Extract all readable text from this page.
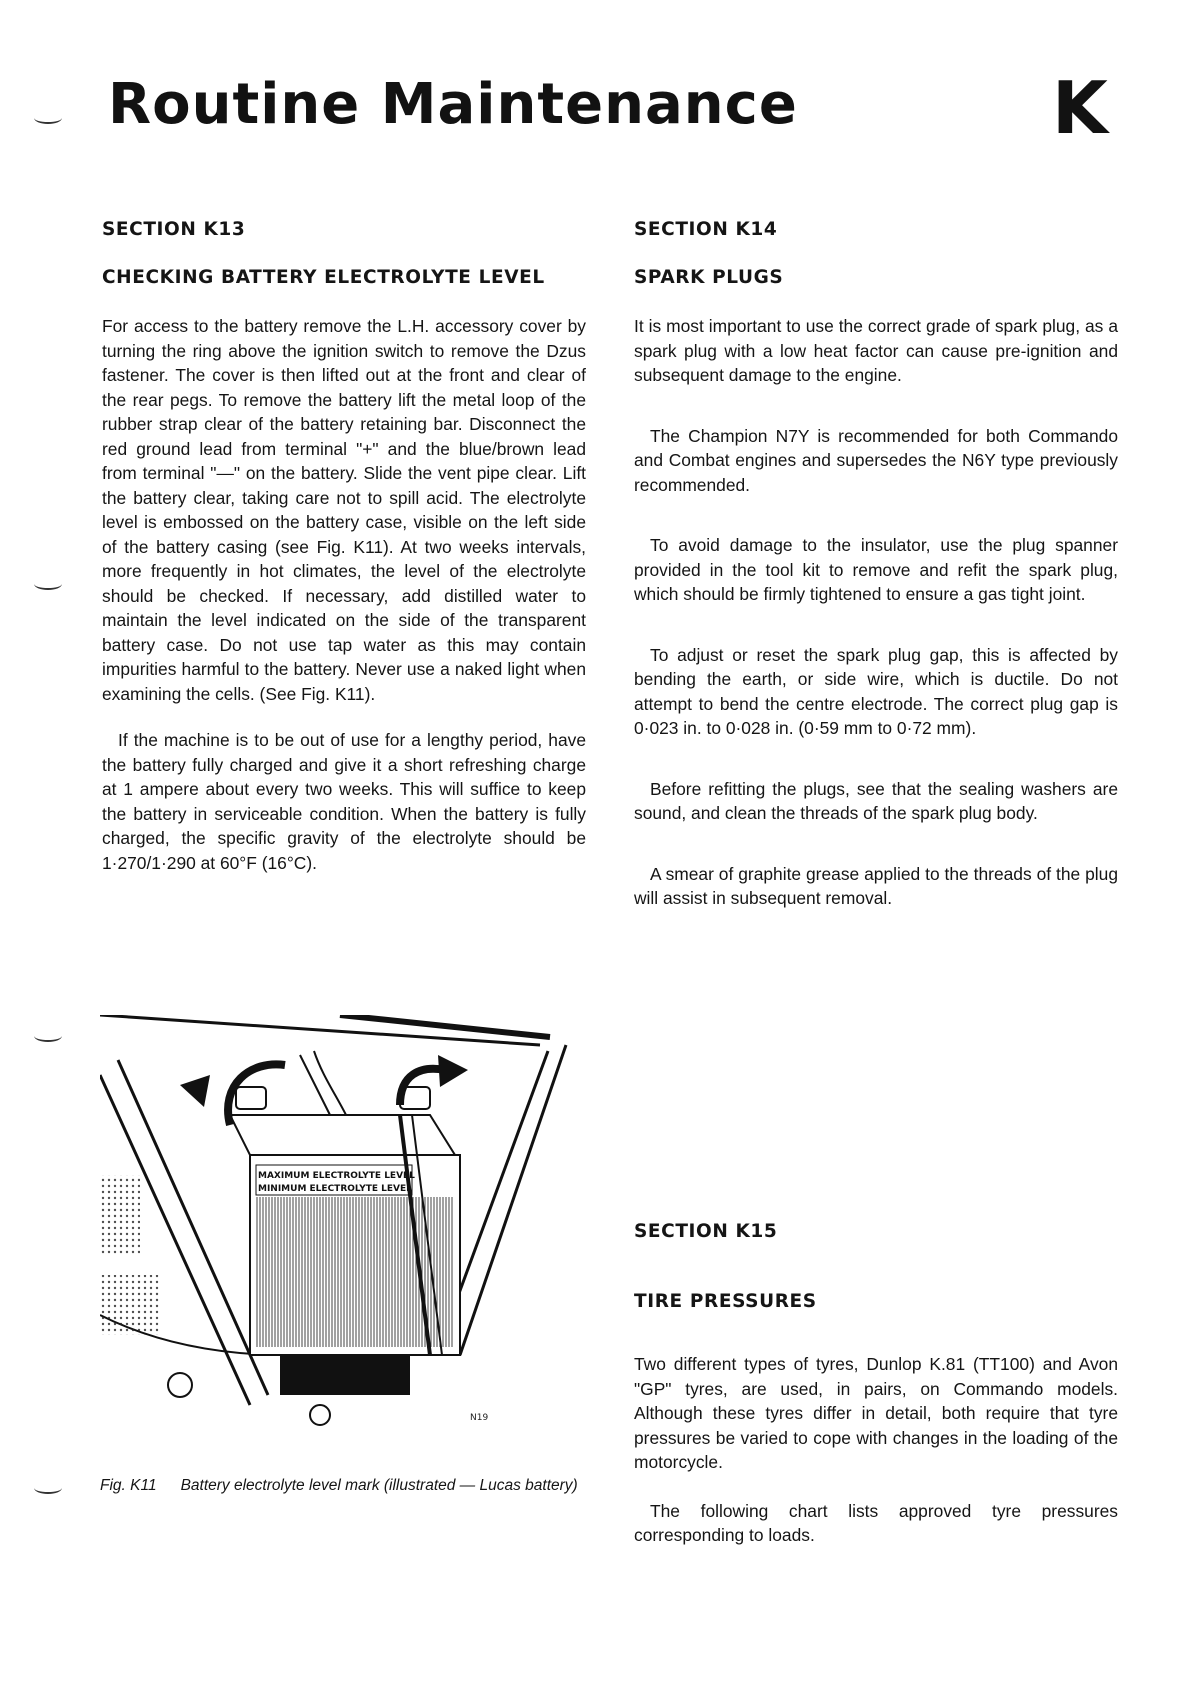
Routine Maintenance	K
SECTION K13
CHECKING BATTERY ELECTROLYTE LEVEL

For access to the battery remove the L.H. accessory cover by turning the ring above the ignition switch to remove the Dzus fastener. The cover is then lifted out at the front and clear of the rear pegs. To remove the battery lift the metal loop of the rubber strap clear of the battery retaining bar. Disconnect the red ground lead from terminal "+" and the blue/brown lead from terminal "—" on the battery. Slide the vent pipe clear. Lift the battery clear, taking care not to spill acid. The electrolyte level is embossed on the battery case, visible on the left side of the battery casing (see Fig. K11). At two weeks intervals, more frequently in hot climates, the level of the electrolyte should be checked. If necessary, add distilled water to maintain the level indicated on the side of the transparent battery case. Do not use tap water as this may contain impurities harmful to the battery. Never use a naked light when examining the cells. (See Fig. K11).

If the machine is to be out of use for a lengthy period, have the battery fully charged and give it a short refreshing charge at 1 ampere about every two weeks. This will suffice to keep the battery in serviceable condition. When the battery is fully charged, the specific gravity of the electrolyte should be 1·270/1·290 at 60°F (16°C).

SECTION K14
SPARK PLUGS

It is most important to use the correct grade of spark plug, as a spark plug with a low heat factor can cause pre-ignition and subsequent damage to the engine.

The Champion N7Y is recommended for both Commando and Combat engines and supersedes the N6Y type previously recommended.

To avoid damage to the insulator, use the plug spanner provided in the tool kit to remove and refit the spark plug, which should be firmly tightened to ensure a gas tight joint.

To adjust or reset the spark plug gap, this is affected by bending the earth, or side wire, which is ductile. Do not attempt to bend the centre electrode. The correct plug gap is 0·023 in. to 0·028 in. (0·59 mm to 0·72 mm).

Before refitting the plugs, see that the sealing washers are sound, and clean the threads of the spark plug body.

A smear of graphite grease applied to the threads of the plug will assist in subsequent removal.

SECTION K15
TIRE PRESSURES

Two different types of tyres, Dunlop K.81 (TT100) and Avon "GP" tyres, are used, in pairs, on Commando models. Although these tyres differ in detail, both require that tyre pressures be varied to cope with changes in the loading of the motorcycle.

The following chart lists approved tyre pressures corresponding to loads.

MAXIMUM ELECTROLYTE LEVEL
MINIMUM ELECTROLYTE LEVEL
N19
Fig. K11 Battery electrolyte level mark (illustrated — Lucas battery)
